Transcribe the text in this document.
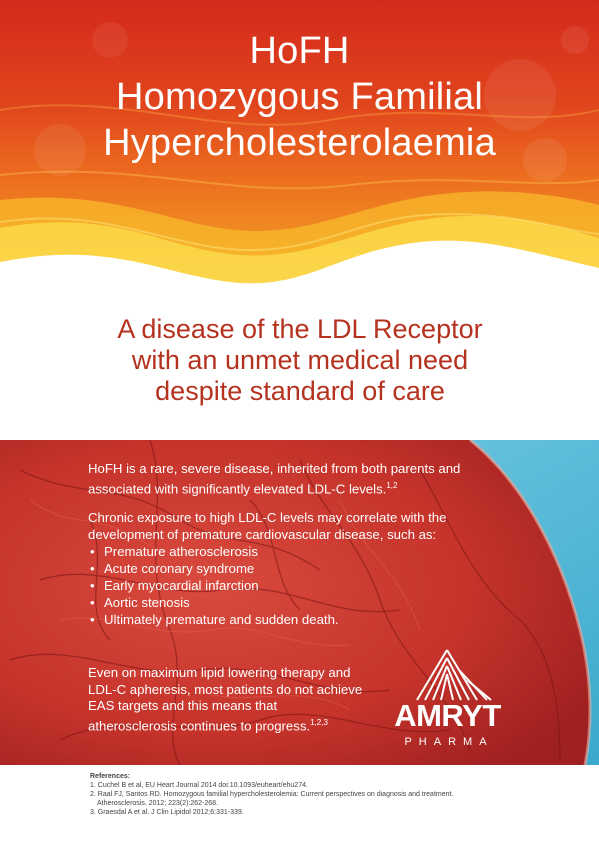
HoFH
Homozygous Familial
Hypercholesterolaemia
A disease of the LDL Receptor
with an unmet medical need
despite standard of care

HoFH is a rare, severe disease, inherited from both parents and associated with significantly elevated LDL-C levels.$^{1,2}$

Chronic exposure to high LDL-C levels may correlate with the development of premature cardiovascular disease, such as:

• Premature atherosclerosis
• Acute coronary syndrome
• Early myocardial infarction
• Aortic stenosis
• Ultimately premature and sudden death.

Even on maximum lipid lowering therapy and LDL-C apheresis, most patients do not achieve EAS targets and this means that atherosclerosis continues to progress.$^{1,2,3}$	AMRYT
PHARMA
References:
1. Cuchel B et al, EU Heart Journal 2014 doi:10.1093/euheart/ehu274.
2. Raal FJ, Santos RD. Homozygous familial hypercholesterolemia: Current perspectives on diagnosis and treatment.
Atherosclerosis. 2012; 223(2):262-268.
3. Graesdal A et al. J Clin Lipidol 2012;6:331-339.
